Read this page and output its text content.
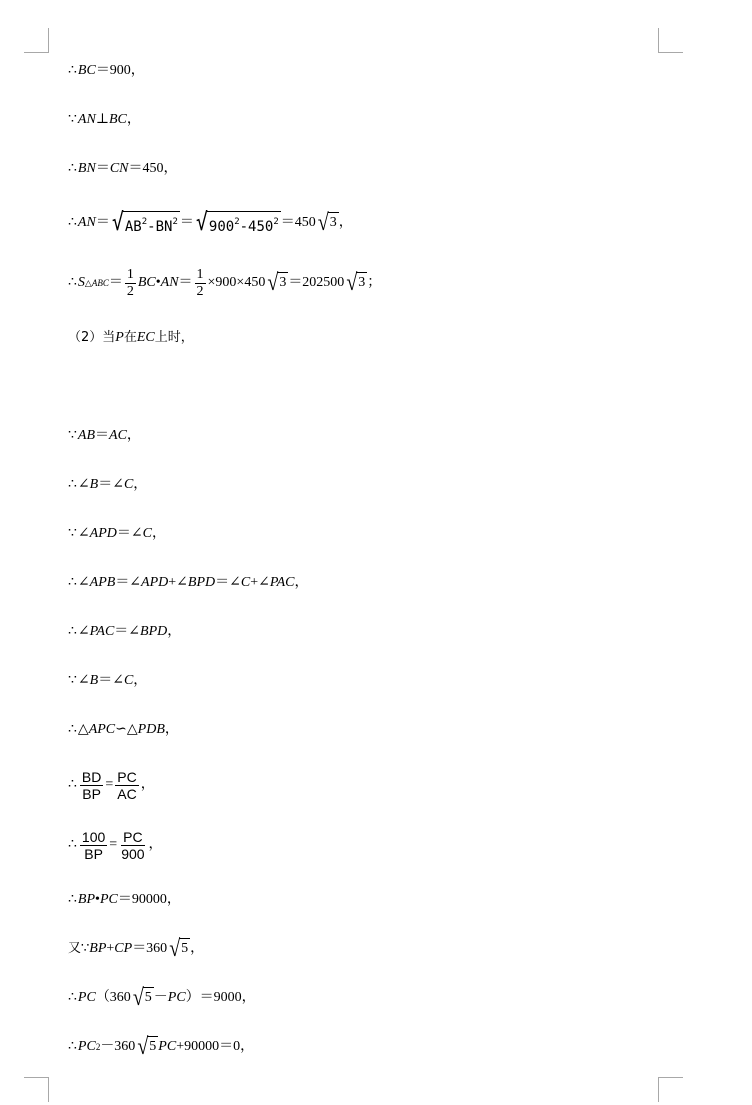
∴ BC ＝900，
∵ AN ⊥ BC ，
∴ BN ＝ CN ＝450，
∴ AN ＝ √ $AB^2-BN^2$ ＝ √ $900^2-450^2 =450$ √ 3 ，
∴ S △ABC ＝ $\frac{1}{2}$ BC • AN ＝ $\frac{1}{2} \times 900\times 450$ √ 3 ＝202500 √ 3 ；
（2）当 P 在 EC 上时，
∵ AB ＝ AC ，
∴ ∠ B ＝∠ C ，
∵ ∠ APD ＝∠ C ，
∴ ∠ APB ＝∠ APD +∠ BPD ＝∠ C +∠ PAC ，
∴ ∠ PAC ＝∠ BPD ，
∵ ∠ B ＝∠ C ，
∴ △ APC ∽△ PDB ，
∴ $\frac{BD}{BP} = \frac{PC}{AC}$ ，
∴ $\frac{100}{BP} = \frac{PC}{900}$ ，
∴ BP • PC ＝90000，
又∵ BP + CP ＝360 √ 5 ，
∴ PC （360 √ 5 － PC ）＝9000，
∴ PC 2 －360 √ 5 PC +90000＝0，
